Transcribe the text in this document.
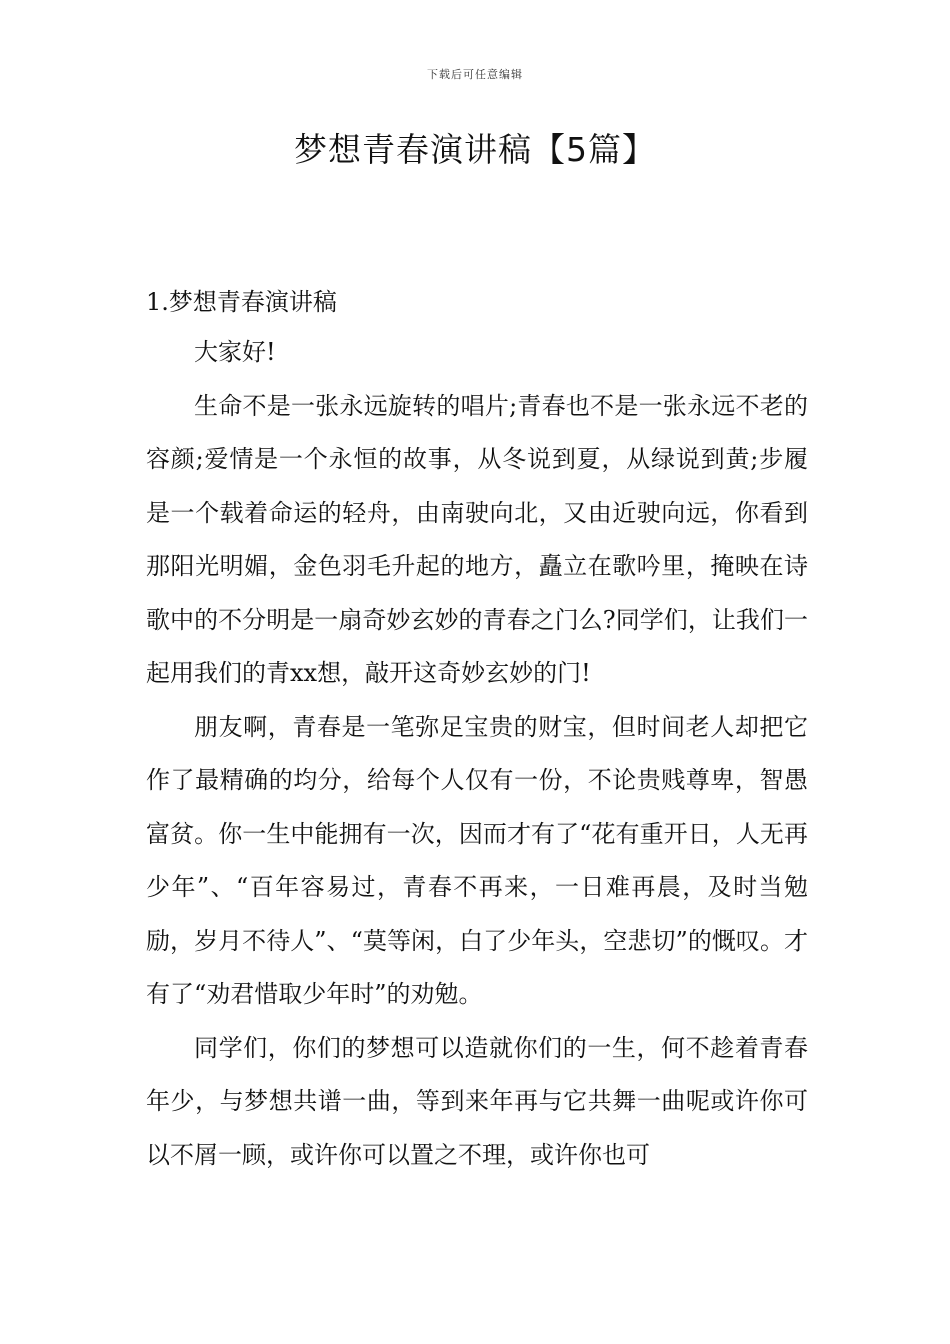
下载后可任意编辑
梦想青春演讲稿【5篇】
1.梦想青春演讲稿

大家好!

生命不是一张永远旋转的唱片;青春也不是一张永远不老的容颜;爱情是一个永恒的故事，从冬说到夏，从绿说到黄;步履是一个载着命运的轻舟，由南驶向北，又由近驶向远，你看到那阳光明媚，金色羽毛升起的地方，矗立在歌吟里，掩映在诗歌中的不分明是一扇奇妙玄妙的青春之门么?同学们，让我们一起用我们的青xx想，敲开这奇妙玄妙的门!

朋友啊，青春是一笔弥足宝贵的财宝，但时间老人却把它作了最精确的均分，给每个人仅有一份，不论贵贱尊卑，智愚富贫。你一生中能拥有一次，因而才有了“花有重开日，人无再少年”、“百年容易过，青春不再来，一日难再晨，及时当勉励，岁月不待人”、“莫等闲，白了少年头，空悲切”的慨叹。才有了“劝君惜取少年时”的劝勉。

同学们，你们的梦想可以造就你们的一生，何不趁着青春年少，与梦想共谱一曲，等到来年再与它共舞一曲呢或许你可以不屑一顾，或许你可以置之不理，或许你也可
